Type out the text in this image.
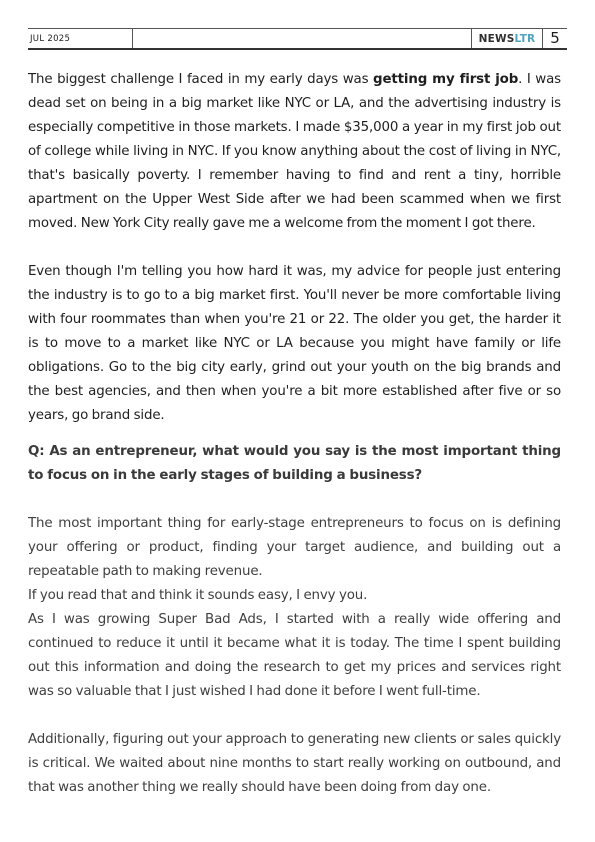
JUL 2025	NEWS LTR 5

The biggest challenge I faced in my early days was getting my first job. I was dead set on being in a big market like NYC or LA, and the advertising industry is especially competitive in those markets. I made $35,000 a year in my first job out of college while living in NYC. If you know anything about the cost of living in NYC, that's basically poverty. I remember having to find and rent a tiny, horrible apartment on the Upper West Side after we had been scammed when we first moved. New York City really gave me a welcome from the moment I got there.

Even though I'm telling you how hard it was, my advice for people just entering the industry is to go to a big market first. You'll never be more comfortable living with four roommates than when you're 21 or 22. The older you get, the harder it is to move to a market like NYC or LA because you might have family or life obligations. Go to the big city early, grind out your youth on the big brands and the best agencies, and then when you're a bit more established after five or so years, go brand side.

Q: As an entrepreneur, what would you say is the most important thing to focus on in the early stages of building a business?

The most important thing for early-stage entrepreneurs to focus on is defining your offering or product, finding your target audience, and building out a repeatable path to making revenue.

If you read that and think it sounds easy, I envy you.

As I was growing Super Bad Ads, I started with a really wide offering and continued to reduce it until it became what it is today. The time I spent building out this information and doing the research to get my prices and services right was so valuable that I just wished I had done it before I went full-time.

Additionally, figuring out your approach to generating new clients or sales quickly is critical. We waited about nine months to start really working on outbound, and that was another thing we really should have been doing from day one.
